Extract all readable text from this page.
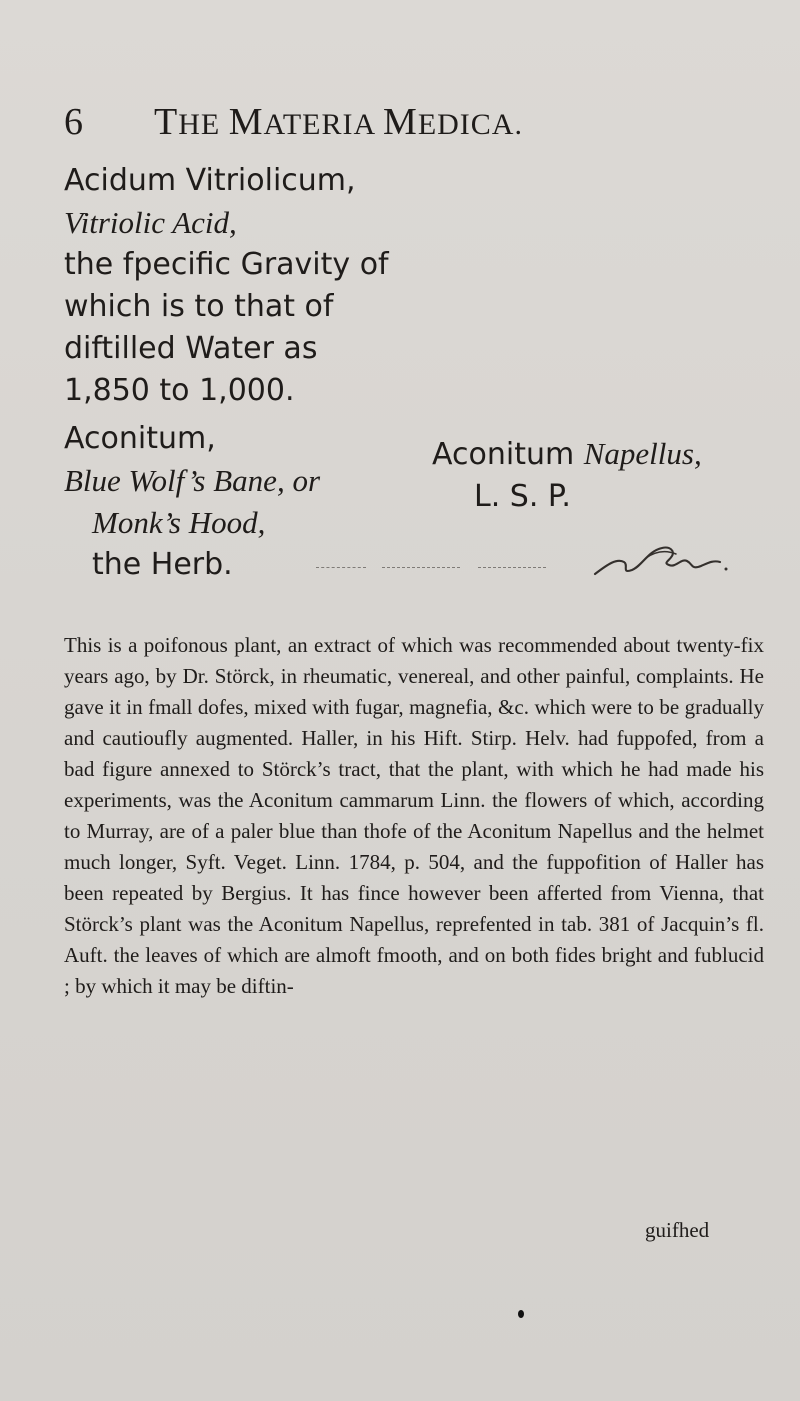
6 THE MATERIA MEDICA.
Acidum Vitriolicum,
Vitriolic Acid,
the fpecific Gravity of
which is to that of
diftilled Water as
1,850 to 1,000.
Aconitum,
Blue Wolf’s Bane, or
Monk’s Hood,
the Herb.
Aconitum Napellus,
L. S. P.
This is a poifonous plant, an extract of which was recommended about twenty-fix years ago, by Dr. Störck, in rheumatic, venereal, and other painful, complaints. He gave it in fmall dofes, mixed with fugar, magnefia, &c. which were to be gradually and cautioufly augmented. Haller, in his Hift. Stirp. Helv. had fuppofed, from a bad figure annexed to Störck’s tract, that the plant, with which he had made his experiments, was the Aconitum cammarum Linn. the flowers of which, according to Murray, are of a paler blue than thofe of the Aconitum Napellus and the helmet much longer, Syft. Veget. Linn. 1784, p. 504, and the fuppofition of Haller has been repeated by Bergius. It has fince however been afferted from Vienna, that Störck’s plant was the Aconitum Napellus, reprefented in tab. 381 of Jacquin’s fl. Auft. the leaves of which are almoft fmooth, and on both fides bright and fublucid ; by which it may be diftin-
guifhed
